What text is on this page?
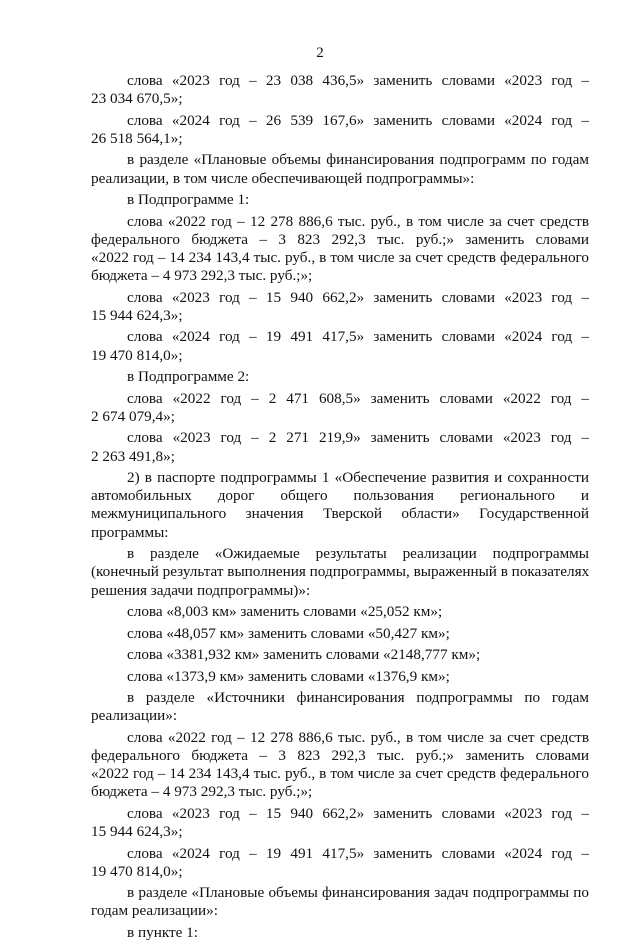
2
слова «2023 год – 23 038 436,5» заменить словами «2023 год –
23 034 670,5»;
слова «2024 год – 26 539 167,6» заменить словами «2024 год –
26 518 564,1»;
в разделе «Плановые объемы финансирования подпрограмм по годам
реализации, в том числе обеспечивающей подпрограммы»:
в Подпрограмме 1:
слова «2022 год – 12 278 886,6 тыс. руб., в том числе за счет средств
федерального бюджета – 3 823 292,3 тыс. руб.;» заменить словами
«2022 год – 14 234 143,4 тыс. руб., в том числе за счет средств федерального
бюджета – 4 973 292,3 тыс. руб.;»;
слова «2023 год – 15 940 662,2» заменить словами «2023 год –
15 944 624,3»;
слова «2024 год – 19 491 417,5» заменить словами «2024 год –
19 470 814,0»;
в Подпрограмме 2:
слова «2022 год – 2 471 608,5» заменить словами «2022 год –
2 674 079,4»;
слова «2023 год – 2 271 219,9» заменить словами «2023 год –
2 263 491,8»;
2) в паспорте подпрограммы 1 «Обеспечение развития и сохранности
автомобильных дорог общего пользования регионального и
межмуниципального значения Тверской области» Государственной
программы:
в разделе «Ожидаемые результаты реализации подпрограммы
(конечный результат выполнения подпрограммы, выраженный в показателях
решения задачи подпрограммы)»:
слова «8,003 км» заменить словами «25,052 км»;
слова «48,057 км» заменить словами «50,427 км»;
слова «3381,932 км» заменить словами «2148,777 км»;
слова «1373,9 км» заменить словами «1376,9 км»;
в разделе «Источники финансирования подпрограммы по годам
реализации»:
слова «2022 год – 12 278 886,6 тыс. руб., в том числе за счет средств
федерального бюджета – 3 823 292,3 тыс. руб.;» заменить словами
«2022 год – 14 234 143,4 тыс. руб., в том числе за счет средств федерального
бюджета – 4 973 292,3 тыс. руб.;»;
слова «2023 год – 15 940 662,2» заменить словами «2023 год –
15 944 624,3»;
слова «2024 год – 19 491 417,5» заменить словами «2024 год –
19 470 814,0»;
в разделе «Плановые объемы финансирования задач подпрограммы по
годам реализации»:
в пункте 1:
